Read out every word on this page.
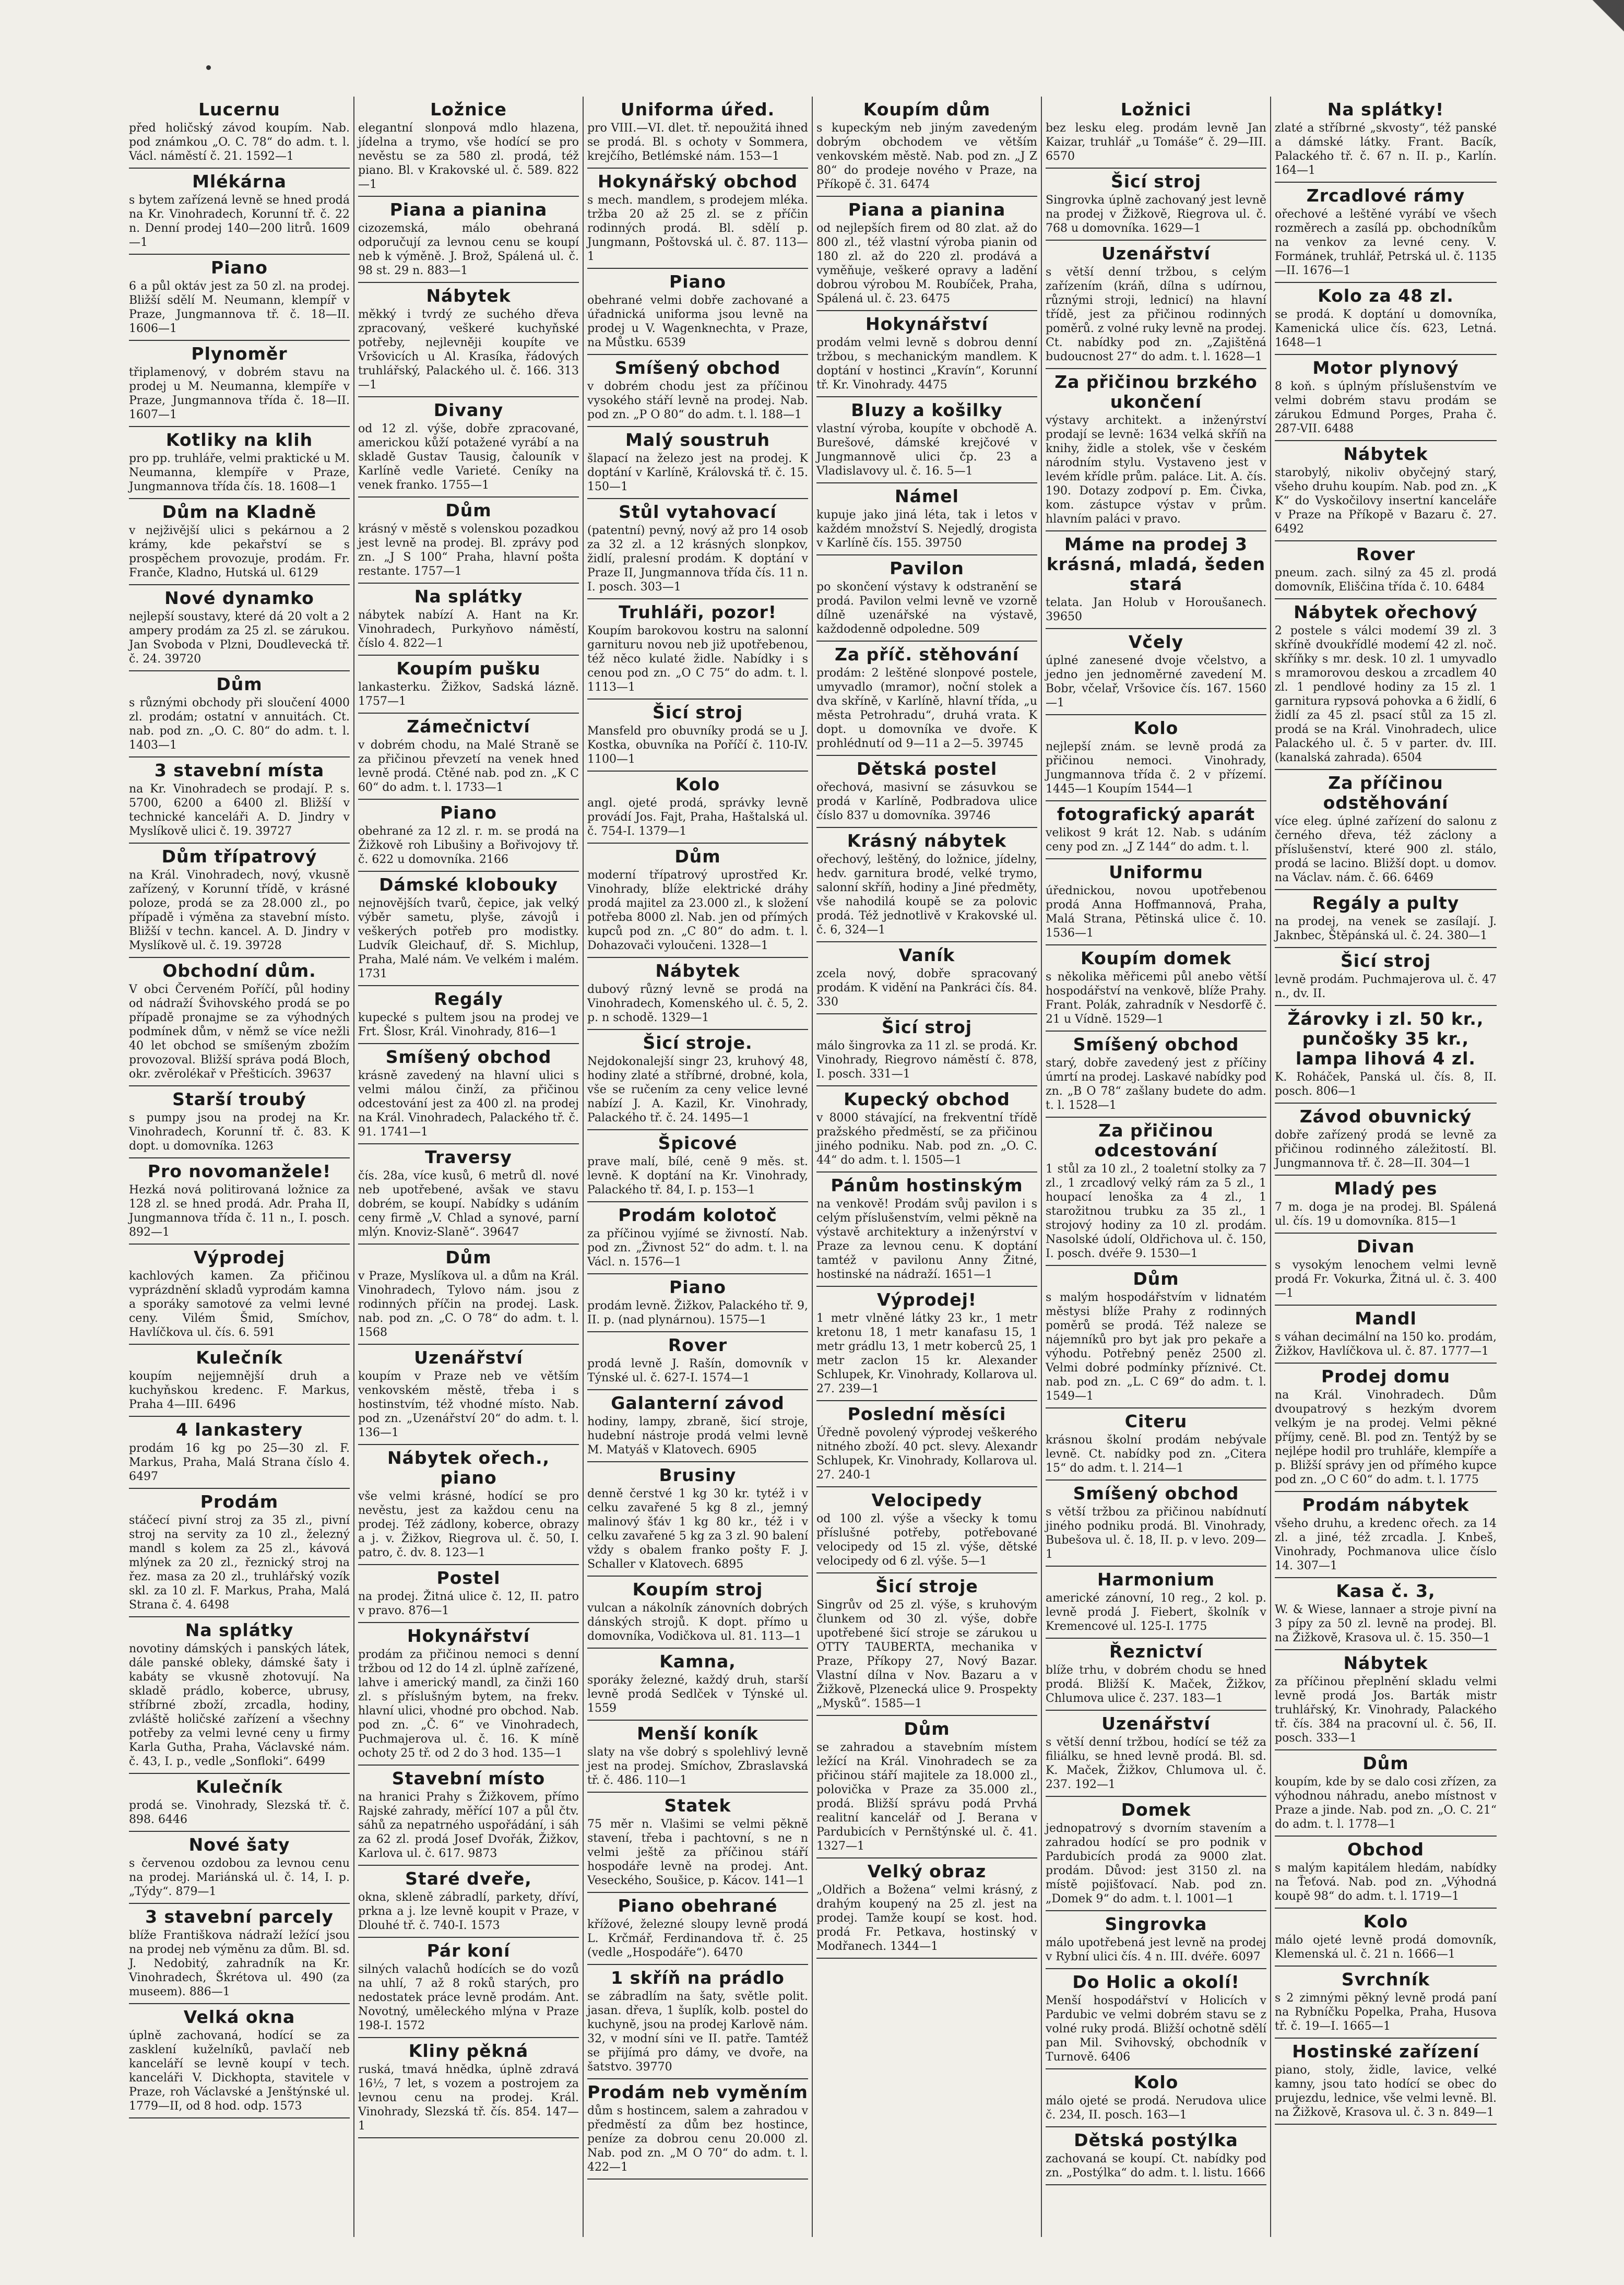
Lucernu
před holičský závod koupím. Nab. pod známkou „O. C. 78“ do adm. t. l. Václ. náměstí č. 21. 1592—1
Mlékárna
s bytem zařízená levně se hned prodá na Kr. Vinohradech, Korunní tř. č. 22 n. Denní prodej 140—200 litrů. 1609—1
Piano
6 a půl oktáv jest za 50 zl. na prodej. Bližší sdělí M. Neumann, klempíř v Praze, Jungmannova tř. č. 18—II. 1606—1
Plynoměr
třiplamenový, v dobrém stavu na prodej u M. Neumanna, klempíře v Praze, Jungmannova třída č. 18—II. 1607—1
Kotliky na klih
pro pp. truhláře, velmi praktické u M. Neumanna, klempíře v Praze, Jungmannova třída čís. 18. 1608—1
Dům na Kladně
v nejživější ulici s pekárnou a 2 krámy, kde pekařství se s prospěchem provozuje, prodám. Fr. Franče, Kladno, Hutská ul. 6129
Nové dynamko
nejlepší soustavy, které dá 20 volt a 2 ampery prodám za 25 zl. se zárukou. Jan Svoboda v Plzni, Doudlevecká tř. č. 24. 39720
Dům
s různými obchody při sloučení 4000 zl. prodám; ostatní v annuitách. Ct. nab. pod zn. „O. C. 80“ do adm. t. l. 1403—1
3 stavební místa
na Kr. Vinohradech se prodají. P. s. 5700, 6200 a 6400 zl. Bližší v technické kanceláři A. D. Jindry v Myslíkově ulici č. 19. 39727
Dům třípatrový
na Král. Vinohradech, nový, vkusně zařízený, v Korunní třídě, v krásné poloze, prodá se za 28.000 zl., po případě i výměna za stavební místo. Bližší v techn. kancel. A. D. Jindry v Myslíkově ul. č. 19. 39728
Obchodní dům.
V obci Červeném Poříčí, půl hodiny od nádraží Švihovského prodá se po případě pronajme se za výhodných podmínek dům, v němž se více nežli 40 let obchod se smíšeným zbožím provozoval. Bližší správa podá Bloch, okr. zvěrolékař v Přešticích. 39637
Starší troubý
s pumpy jsou na prodej na Kr. Vinohradech, Korunní tř. č. 83. K dopt. u domovníka. 1263
Pro novomanžele!
Hezká nová politirovaná ložnice za 128 zl. se hned prodá. Adr. Praha II, Jungmannova třída č. 11 n., I. posch. 892—1
Výprodej
kachlových kamen. Za přičinou vyprázdnění skladů vyprodám kamna a sporáky samotové za velmi levné ceny. Vilém Šmid, Smíchov, Havlíčkova ul. čís. 6. 591
Kulečník
koupím nejjemnější druh a kuchyňskou kredenc. F. Markus, Praha 4—III. 6496
4 lankastery
prodám 16 kg po 25—30 zl. F. Markus, Praha, Malá Strana číslo 4. 6497
Prodám
stáčecí pivní stroj za 35 zl., pivní stroj na servity za 10 zl., železný mandl s kolem za 25 zl., kávová mlýnek za 20 zl., řeznický stroj na řez. masa za 20 zl., truhlářský vozík skl. za 10 zl. F. Markus, Praha, Malá Strana č. 4. 6498
Na splátky
novotiny dámských i panských látek, dále panské obleky, dámské šaty i kabáty se vkusně zhotovují. Na skladě prádlo, koberce, ubrusy, stříbrné zboží, zrcadla, hodiny, zvláště holičské zařízení a všechny potřeby za velmi levné ceny u firmy Karla Gutha, Praha, Václavské nám. č. 43, I. p., vedle „Sonfloki“. 6499
Kulečník
prodá se. Vinohrady, Slezská tř. č. 898. 6446
Nové šaty
s červenou ozdobou za levnou cenu na prodej. Mariánská ul. č. 14, I. p. „Týdy“. 879—1
3 stavební parcely
blíže Františkova nádraží ležící jsou na prodej neb výměnu za dům. Bl. sd. J. Nedobitý, zahradník na Kr. Vinohradech, Škrétova ul. 490 (za museem). 886—1
Velká okna
úplně zachovaná, hodící se za zasklení kuželníků, pavlačí neb kanceláří se levně koupí v tech. kanceláři V. Dickhopta, stavitele v Praze, roh Václavské a Jenštýnské ul. 1779—II, od 8 hod. odp. 1573
Ložnice
elegantní slonpová mdlo hlazena, jídelna a trymo, vše hodící se pro nevěstu se za 580 zl. prodá, též piano. Bl. v Krakovské ul. č. 589. 822—1
Piana a pianina
cizozemská, málo obehraná odporučují za levnou cenu se koupí neb k výměně. J. Brož, Spálená ul. č. 98 st. 29 n. 883—1
Nábytek
měkký i tvrdý ze suchého dřeva zpracovaný, veškeré kuchyňské potřeby, nejlevněji koupíte ve Vršovicích u Al. Krasíka, řádových truhlářský, Palackého ul. č. 166. 313—1
Divany
od 12 zl. výše, dobře zpracované, americkou kůží potažené vyrábí a na skladě Gustav Tausig, čalouník v Karlíně vedle Varieté. Ceníky na venek franko. 1755—1
Dům
krásný v městě s volenskou pozadkou jest levně na prodej. Bl. zprávy pod zn. „J S 100“ Praha, hlavní pošta restante. 1757—1
Na splátky
nábytek nabízí A. Hant na Kr. Vinohradech, Purkyňovo náměstí, číslo 4. 822—1
Koupím pušku
lankasterku. Žižkov, Sadská lázně. 1757—1
Zámečnictví
v dobrém chodu, na Malé Straně se za přičinou převzetí na venek hned levně prodá. Ctěné nab. pod zn. „K C 60“ do adm. t. l. 1733—1
Piano
obehrané za 12 zl. r. m. se prodá na Žižkově roh Libušiny a Bořivojovy tř. č. 622 u domovníka. 2166
Dámské klobouky
nejnovějších tvarů, čepice, jak velký výběr sametu, plyše, závojů i veškerých potřeb pro modistky. Ludvík Gleichauf, dř. S. Michlup, Praha, Malé nám. Ve velkém i malém. 1731
Regály
kupecké s pultem jsou na prodej ve Frt. Šlosr, Král. Vinohrady, 816—1
Smíšený obchod
krásně zavedený na hlavní ulici s velmi málou činží, za přičinou odcestování jest za 400 zl. na prodej na Král. Vinohradech, Palackého tř. č. 91. 1741—1
Traversy
čís. 28a, více kusů, 6 metrů dl. nové neb upotřebené, avšak ve stavu dobrém, se koupí. Nabídky s udáním ceny firmě „V. Chlad a synové, parní mlýn. Knoviz-Slaně“. 39647
Dům
v Praze, Myslíkova ul. a dům na Král. Vinohradech, Tylovo nám. jsou z rodinných příčin na prodej. Lask. nab. pod zn. „C. O 78“ do adm. t. l. 1568
Uzenářství
koupím v Praze neb ve větším venkovském městě, třeba i s hostinstvím, též vhodné místo. Nab. pod zn. „Uzenářství 20“ do adm. t. l. 136—1
Nábytek ořech., piano
vše velmi krásné, hodící se pro nevěstu, jest za každou cenu na prodej. Též zádlony, koberce, obrazy a j. v. Žižkov, Riegrova ul. č. 50, I. patro, č. dv. 8. 123—1
Postel
na prodej. Žitná ulice č. 12, II. patro v pravo. 876—1
Hokynářství
prodám za přičinou nemoci s denní tržbou od 12 do 14 zl. úplně zařízené, lahve i americký mandl, za činži 160 zl. s příslušným bytem, na frekv. hlavní ulici, vhodné pro obchod. Nab. pod zn. „Č. 6“ ve Vinohradech, Puchmajerova ul. č. 16. K míně ochoty 25 tř. od 2 do 3 hod. 135—1
Stavební místo
na hranici Prahy s Žižkovem, přímo Rajské zahrady, měřící 107 a půl čtv. sáhů za nepatrného uspořádání, i sáh za 62 zl. prodá Josef Dvořák, Žižkov, Karlova ul. č. 617. 9873
Staré dveře,
okna, skleně zábradlí, parkety, dříví, prkna a j. lze levně koupit v Praze, v Dlouhé tř. č. 740-I. 1573
Pár koní
silných valachů hodících se do vozů na uhlí, 7 až 8 roků starých, pro nedostatek práce levně prodám. Ant. Novotný, uměleckého mlýna v Praze 198-I. 1572
Kliny pěkná
ruská, tmavá hnědka, úplně zdravá 16½, 7 let, s vozem a postrojem za levnou cenu na prodej. Král. Vinohrady, Slezská tř. čís. 854. 147—1
Uniforma úřed.
pro VIII.—VI. dlet. tř. nepoužitá ihned se prodá. Bl. s ochoty v Sommera, krejčího, Betlémské nám. 153—1
Hokynářský obchod
s mech. mandlem, s prodejem mléka. tržba 20 až 25 zl. se z příčin rodinných prodá. Bl. sdělí p. Jungmann, Poštovská ul. č. 87. 113—1
Piano
obehrané velmi dobře zachované a úřadnická uniforma jsou levně na prodej u V. Wagenknechta, v Praze, na Můstku. 6539
Smíšený obchod
v dobrém chodu jest za příčinou vysokého stáří levně na prodej. Nab. pod zn. „P O 80“ do adm. t. l. 188—1
Malý soustruh
šlapací na železo jest na prodej. K doptání v Karlíně, Královská tř. č. 15. 150—1
Stůl vytahovací
(patentní) pevný, nový až pro 14 osob za 32 zl. a 12 krásných slonpkov, židlí, pralesní prodám. K doptání v Praze II, Jungmannova třída čís. 11 n. I. posch. 303—1
Truhláři, pozor!
Koupím barokovou kostru na salonní garnituru novou neb již upotřebenou, též něco kulaté židle. Nabídky i s cenou pod zn. „O C 75“ do adm. t. l. 1113—1
Šicí stroj
Mansfeld pro obuvníky prodá se u J. Kostka, obuvníka na Poříčí č. 110-IV. 1100—1
Kolo
angl. ojeté prodá, správky levně provádí Jos. Fajt, Praha, Haštalská ul. č. 754-I. 1379—1
Dům
moderní třípatrový uprostřed Kr. Vinohrady, blíže elektrické dráhy prodá majitel za 23.000 zl., k složení potřeba 8000 zl. Nab. jen od přímých kupců pod zn. „C 80“ do adm. t. l. Dohazovači vyloučeni. 1328—1
Nábytek
dubový různý levně se prodá na Vinohradech, Komenského ul. č. 5, 2. p. n schodě. 1329—1
Šicí stroje.
Nejdokonalejší singr 23, kruhový 48, hodiny zlaté a stříbrné, drobné, kola, vše se ručením za ceny velice levné nabízí J. A. Kazil, Kr. Vinohrady, Palackého tř. č. 24. 1495—1
Špicové
prave malí, bílé, ceně 9 měs. st. levně. K doptání na Kr. Vinohrady, Palackého tř. 84, I. p. 153—1
Prodám kolotoč
za příčinou vyjímé se živností. Nab. pod zn. „Živnost 52“ do adm. t. l. na Václ. n. 1576—1
Piano
prodám levně. Žižkov, Palackého tř. 9, II. p. (nad plynárnou). 1575—1
Rover
prodá levně J. Rašín, domovník v Týnské ul. č. 627-I. 1574—1
Galanterní závod
hodiny, lampy, zbraně, šicí stroje, hudební nástroje prodá velmi levně M. Matyáš v Klatovech. 6905
Brusiny
denně čerstvé 1 kg 30 kr. tytéž i v celku zavařené 5 kg 8 zl., jemný malinový šťáv 1 kg 80 kr., též i v celku zavařené 5 kg za 3 zl. 90 balení vždy s obalem franko pošty F. J. Schaller v Klatovech. 6895
Koupím stroj
vulcan a nákolník zánovních dobrých dánských strojů. K dopt. přímo u domovníka, Vodičkova ul. 81. 113—1
Kamna,
sporáky železné, každý druh, starší levně prodá Sedlček v Týnské ul. 1559
Menší koník
slaty na vše dobrý s spolehlivý levně jest na prodej. Smíchov, Zbraslavská tř. č. 486. 110—1
Statek
75 měr n. Vlašimi se velmi pěkně stavení, třeba i pachtovní, s ne n velmi ještě za příčinou stáří hospodáře levně na prodej. Ant. Veseckého, Soušice, p. Kácov. 141—1
Piano obehrané
křížové, železné sloupy levně prodá L. Krčmář, Ferdinandova tř. č. 25 (vedle „Hospodáře“). 6470
1 skříň na prádlo
se zábradlím na šaty, světle polit. jasan. dřeva, 1 šuplík, kolb. postel do kuchyně, jsou na prodej Karlově nám. 32, v modní síni ve II. patře. Tamtéž se přijímá pro dámy, ve dvoře, na šatstvo. 39770
Prodám neb vyměním
dům s hostincem, salem a zahradou v předměstí za dům bez hostince, peníze za dobrou cenu 20.000 zl. Nab. pod zn. „M O 70“ do adm. t. l. 422—1
Koupím dům
s kupeckým neb jiným zavedeným dobrým obchodem ve větším venkovském městě. Nab. pod zn. „J Z 80“ do prodeje nového v Praze, na Příkopě č. 31. 6474
Piana a pianina
od nejlepších firem od 80 zlat. až do 800 zl., též vlastní výroba pianin od 180 zl. až do 220 zl. prodává a vyměňuje, veškeré opravy a ladění dobrou výrobou M. Roubíček, Praha, Spálená ul. č. 23. 6475
Hokynářství
prodám velmi levně s dobrou denní tržbou, s mechanickým mandlem. K doptání v hostinci „Kravín“, Korunní tř. Kr. Vinohrady. 4475
Bluzy a košilky
vlastní výroba, koupíte v obchodě A. Burešové, dámské krejčové v Jungmannově ulici čp. 23 a Vladislavovy ul. č. 16. 5—1
Námel
kupuje jako jiná léta, tak i letos v každém množství S. Nejedlý, drogista v Karlíně čís. 155. 39750
Pavilon
po skončení výstavy k odstranění se prodá. Pavilon velmi levně ve vzorně dílně uzenářské na výstavě, každodenně odpoledne. 509
Za příč. stěhování
prodám: 2 leštěné slonpové postele, umyvadlo (mramor), noční stolek a dva skříně, v Karlíně, hlavní třída, „u města Petrohradu“, druhá vrata. K dopt. u domovníka ve dvoře. K prohlédnutí od 9—11 a 2—5. 39745
Dětská postel
ořechová, masivní se zásuvkou se prodá v Karlíně, Podbradova ulice číslo 837 u domovníka. 39746
Krásný nábytek
ořechový, leštěný, do ložnice, jídelny, hedv. garnitura brodé, velké trymo, salonní skříň, hodiny a Jiné předměty, vše nahodilá koupě se za polovic prodá. Též jednotlivě v Krakovské ul. č. 6, 324—1
Vaník
zcela nový, dobře spracovaný prodám. K vidění na Pankráci čís. 84. 330
Šicí stroj
málo šingrovka za 11 zl. se prodá. Kr. Vinohrady, Riegrovo náměstí č. 878, I. posch. 331—1
Kupecký obchod
v 8000 stávající, na frekventní třídě pražského předměstí, se za přičinou jiného podniku. Nab. pod zn. „O. C. 44“ do adm. t. l. 1505—1
Pánům hostinským
na venkově! Prodám svůj pavilon i s celým příslušenstvím, velmi pěkně na výstavě architektury a inženýrství v Praze za levnou cenu. K doptání tamtéž v pavilonu Anny Žitné, hostinské na nádraží. 1651—1
Výprodej!
1 metr vlněné látky 23 kr., 1 metr kretonu 18, 1 metr kanafasu 15, 1 metr grádlu 13, 1 metr koberců 25, 1 metr zaclon 15 kr. Alexander Schlupek, Kr. Vinohrady, Kollarova ul. 27. 239—1
Poslední měsíci
Úředně povolený výprodej veškerého nitného zboží. 40 pct. slevy. Alexandr Schlupek, Kr. Vinohrady, Kollarova ul. 27. 240-1
Velocipedy
od 100 zl. výše a všecky k tomu příslušné potřeby, potřebované velocipedy od 15 zl. výše, dětské velocipedy od 6 zl. výše. 5—1
Šicí stroje
Singrův od 25 zl. výše, s kruhovým člunkem od 30 zl. výše, dobře upotřebené šicí stroje se zárukou u OTTY TAUBERTA, mechanika v Praze, Příkopy 27, Nový Bazar. Vlastní dílna v Nov. Bazaru a v Žižkově, Plzenecká ulice 9. Prospekty „Mysků“. 1585—1
Dům
se zahradou a stavebním místem ležící na Král. Vinohradech se za přičinou stáří majitele za 18.000 zl., polovička v Praze za 35.000 zl., prodá. Bližší správu podá Prvhá realitní kancelář od J. Berana v Pardubicích v Pernštýnské ul. č. 41. 1327—1
Velký obraz
„Oldřich a Božena“ velmi krásný, z drahým koupený na 25 zl. jest na prodej. Tamže koupí se kost. hod. prodá Fr. Petkava, hostinský v Modřanech. 1344—1
Ložnici
bez lesku eleg. prodám levně Jan Kaizar, truhlář „u Tomáše“ č. 29—III. 6570
Šicí stroj
Singrovka úplně zachovaný jest levně na prodej v Žižkově, Riegrova ul. č. 768 u domovníka. 1629—1
Uzenářství
s větší denní tržbou, s celým zařízením (kráň, dílna s udírnou, různými stroji, lednicí) na hlavní třídě, jest za přičinou rodinných poměrů. z volné ruky levně na prodej. Ct. nabídky pod zn. „Zajištěná budoucnost 27“ do adm. t. l. 1628—1
Za přičinou brzkého ukončení
výstavy architekt. a inženýrství prodají se levně: 1634 velká skříň na knihy, židle a stolek, vše v českém národním stylu. Vystaveno jest v levém křídle prům. paláce. Lit. A. čís. 190. Dotazy zodpoví p. Em. Čivka, kom. zástupce výstav v prům. hlavním paláci v pravo.
Máme na prodej 3 krásná, mladá, šeden stará
telata. Jan Holub v Horoušanech. 39650
Včely
úplné zanesené dvoje včelstvo, a jedno jen jednoměrné zavedení M. Bobr, včelař, Vršovice čís. 167. 1560—1
Kolo
nejlepší znám. se levně prodá za přičinou nemoci. Vinohrady, Jungmannova třída č. 2 v přízemí. 1445—1 Koupím 1544—1
fotografický aparát
velikost 9 krát 12. Nab. s udáním ceny pod zn. „J Z 144“ do adm. t. l.
Uniformu
úřednickou, novou upotřebenou prodá Anna Hoffmannová, Praha, Malá Strana, Pětinská ulice č. 10. 1536—1
Koupím domek
s několika měřicemi půl anebo větší hospodářství na venkově, blíže Prahy. Frant. Polák, zahradník v Nesdorfě č. 21 u Vídně. 1529—1
Smíšený obchod
starý, dobře zavedený jest z příčiny úmrtí na prodej. Laskavé nabídky pod zn. „B O 78“ zašlany budete do adm. t. l. 1528—1
Za přičinou odcestování
1 stůl za 10 zl., 2 toaletní stolky za 7 zl., 1 zrcadlový velký rám za 5 zl., 1 houpací lenoška za 4 zl., 1 starožitnou trubku za 35 zl., 1 strojový hodiny za 10 zl. prodám. Nasolské údolí, Oldřichova ul. č. 150, I. posch. dvéře 9. 1530—1
Dům
s malým hospodářstvím v lidnatém městysi blíže Prahy z rodinných poměrů se prodá. Též naleze se nájemníků pro byt jak pro pekaře a výhodu. Potřebný peněz 2500 zl. Velmi dobré podmínky příznivé. Ct. nab. pod zn. „L. C 69“ do adm. t. l. 1549—1
Citeru
krásnou školní prodám nebývale levně. Ct. nabídky pod zn. „Citera 15“ do adm. t. l. 214—1
Smíšený obchod
s větší tržbou za přičinou nabídnutí jiného podniku prodá. Bl. Vinohrady, Bubešova ul. č. 18, II. p. v levo. 209—1
Harmonium
americké zánovní, 10 reg., 2 kol. p. levně prodá J. Fiebert, školník v Kremencové ul. 125-I. 1775
Řeznictví
blíže trhu, v dobrém chodu se hned prodá. Bližší K. Maček, Žižkov, Chlumova ulice č. 237. 183—1
Uzenářství
s větší denní tržbou, hodící se též za filiálku, se hned levně prodá. Bl. sd. K. Maček, Žižkov, Chlumova ul. č. 237. 192—1
Domek
jednopatrový s dvorním stavením a zahradou hodící se pro podnik v Pardubicích prodá za 9000 zlat. prodám. Důvod: jest 3150 zl. na místě pojišťovací. Nab. pod zn. „Domek 9“ do adm. t. l. 1001—1
Singrovka
málo upotřebená jest levně na prodej v Rybní ulici čís. 4 n. III. dvéře. 6097
Do Holic a okolí!
Menší hospodářství v Holicích v Pardubic ve velmi dobrém stavu se z volné ruky prodá. Bližší ochotně sdělí pan Mil. Svihovský, obchodník v Turnově. 6406
Kolo
málo ojeté se prodá. Nerudova ulice č. 234, II. posch. 163—1
Dětská postýlka
zachovaná se koupí. Ct. nabídky pod zn. „Postýlka“ do adm. t. l. listu. 1666
Na splátky!
zlaté a stříbrné „skvosty“, též panské a dámské látky. Frant. Bacík, Palackého tř. č. 67 n. II. p., Karlín. 164—1
Zrcadlové rámy
ořechové a leštěné vyrábí ve všech rozměrech a zasílá pp. obchodníkům na venkov za levné ceny. V. Formánek, truhlář, Petrská ul. č. 1135—II. 1676—1
Kolo za 48 zl.
se prodá. K doptání u domovníka, Kamenická ulice čís. 623, Letná. 1648—1
Motor plynový
8 koň. s úplným příslušenstvím ve velmi dobrém stavu prodám se zárukou Edmund Porges, Praha č. 287-VII. 6488
Nábytek
starobylý, nikoliv obyčejný starý, všeho druhu koupím. Nab. pod zn. „K K“ do Vyskočilovy insertní kanceláře v Praze na Příkopě v Bazaru č. 27. 6492
Rover
pneum. zach. silný za 45 zl. prodá domovník, Eliščina třída č. 10. 6484
Nábytek ořechový
2 postele s válci modemí 39 zl. 3 skříně dvoukřídlé modemí 42 zl. noč. skříňky s mr. desk. 10 zl. 1 umyvadlo s mramorovou deskou a zrcadlem 40 zl. 1 pendlové hodiny za 15 zl. 1 garnitura rypsová pohovka a 6 židlí, 6 židlí za 45 zl. psací stůl za 15 zl. prodá se na Král. Vinohradech, ulice Palackého ul. č. 5 v parter. dv. III. (kanalská zahrada). 6504
Za příčinou odstěhování
více eleg. úplné zařízení do salonu z černého dřeva, též záclony a příslušenství, které 900 zl. stálo, prodá se lacino. Bližší dopt. u domov. na Václav. nám. č. 66. 6469
Regály a pulty
na prodej, na venek se zasílají. J. Jaknbec, Štěpánská ul. č. 24. 380—1
Šicí stroj
levně prodám. Puchmajerova ul. č. 47 n., dv. II.
Žárovky i zl. 50 kr., punčošky 35 kr., lampa lihová 4 zl.
K. Roháček, Panská ul. čís. 8, II. posch. 806—1
Závod obuvnický
dobře zařízený prodá se levně za přičinou rodinného záležitostí. Bl. Jungmannova tř. č. 28—II. 304—1
Mladý pes
7 m. doga je na prodej. Bl. Spálená ul. čís. 19 u domovníka. 815—1
Divan
s vysokým lenochem velmi levně prodá Fr. Vokurka, Žitná ul. č. 3. 400—1
Mandl
s váhan decimální na 150 ko. prodám, Žižkov, Havlíčkova ul. č. 87. 1777—1
Prodej domu
na Král. Vinohradech. Dům dvoupatrový s hezkým dvorem velkým je na prodej. Velmi pěkné příjmy, ceně. Bl. pod zn. Tentýž by se nejlépe hodil pro truhláře, klempíře a p. Bližší správy jen od přímého kupce pod zn. „O C 60“ do adm. t. l. 1775
Prodám nábytek
všeho druhu, a kredenc ořech. za 14 zl. a jiné, též zrcadla. J. Knbeš, Vinohrady, Pochmanova ulice číslo 14. 307—1
Kasa č. 3,
W. & Wiese, lannaer a stroje pivní na 3 pípy za 50 zl. levně na prodej. Bl. na Žižkově, Krasova ul. č. 15. 350—1
Nábytek
za příčinou přeplnění skladu velmi levně prodá Jos. Barták mistr truhlářský, Kr. Vinohrady, Palackého tř. čís. 384 na pracovní ul. č. 56, II. posch. 333—1
Dům
koupím, kde by se dalo cosi zřízen, za výhodnou náhradu, anebo místnost v Praze a jinde. Nab. pod zn. „O. C. 21“ do adm. t. l. 1778—1
Obchod
s malým kapitálem hledám, nabídky na Ťeťová. Nab. pod zn. „Výhodná koupě 98“ do adm. t. l. 1719—1
Kolo
málo ojeté levně prodá domovník, Klemenská ul. č. 21 n. 1666—1
Svrchník
s 2 zimnými pěkný levně prodá paní na Rybníčku Popelka, Praha, Husova tř. č. 19—I. 1665—1
Hostinské zařízení
piano, stoly, židle, lavice, velké kamny, jsou tato hodící se obec do prujezdu, lednice, vše velmi levně. Bl. na Žižkově, Krasova ul. č. 3 n. 849—1
